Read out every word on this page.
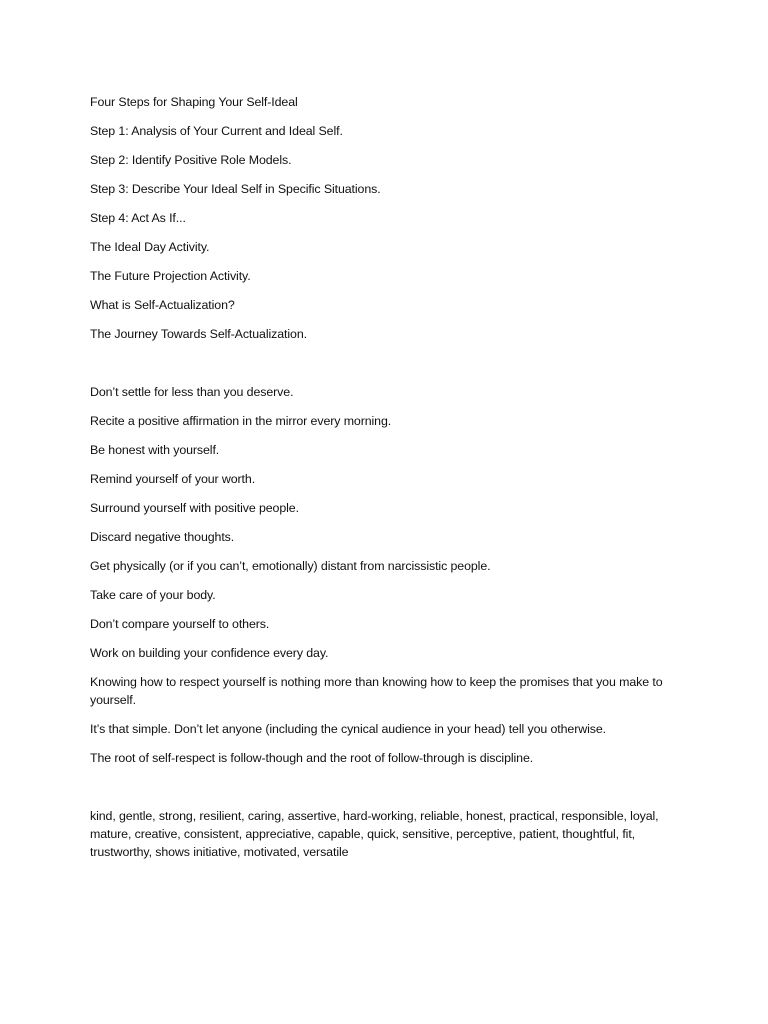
Four Steps for Shaping Your Self-Ideal

Step 1: Analysis of Your Current and Ideal Self.

Step 2: Identify Positive Role Models.

Step 3: Describe Your Ideal Self in Specific Situations.

Step 4: Act As If...

The Ideal Day Activity.

The Future Projection Activity.

What is Self-Actualization?

The Journey Towards Self-Actualization.

Don’t settle for less than you deserve.

Recite a positive affirmation in the mirror every morning.

Be honest with yourself.

Remind yourself of your worth.

Surround yourself with positive people.

Discard negative thoughts.

Get physically (or if you can’t, emotionally) distant from narcissistic people.

Take care of your body.

Don’t compare yourself to others.

Work on building your confidence every day.

Knowing how to respect yourself is nothing more than knowing how to keep the promises that you make to yourself.

It’s that simple. Don’t let anyone (including the cynical audience in your head) tell you otherwise.

The root of self-respect is follow-though and the root of follow-through is discipline.

kind, gentle, strong, resilient, caring, assertive, hard-working, reliable, honest, practical, responsible, loyal, mature, creative, consistent, appreciative, capable, quick, sensitive, perceptive, patient, thoughtful, fit, trustworthy, shows initiative, motivated, versatile
